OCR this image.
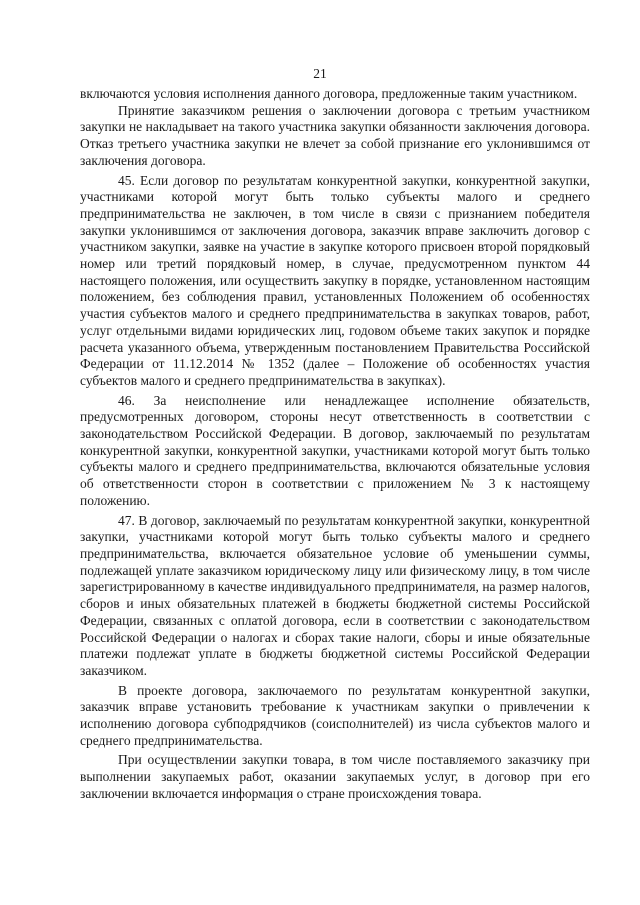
21

включаются условия исполнения данного договора, предложенные таким участником.

Принятие заказчиком решения о заключении договора с третьим участником закупки не накладывает на такого участника закупки обязанности заключения договора. Отказ третьего участника закупки не влечет за собой признание его уклонившимся от заключения договора.

45. Если договор по результатам конкурентной закупки, конкурентной закупки, участниками которой могут быть только субъекты малого и среднего предпринимательства не заключен, в том числе в связи с признанием победителя закупки уклонившимся от заключения договора, заказчик вправе заключить договор с участником закупки, заявке на участие в закупке которого присвоен второй порядковый номер или третий порядковый номер, в случае, предусмотренном пунктом 44 настоящего положения, или осуществить закупку в порядке, установленном настоящим положением, без соблюдения правил, установленных Положением об особенностях участия субъектов малого и среднего предпринимательства в закупках товаров, работ, услуг отдельными видами юридических лиц, годовом объеме таких закупок и порядке расчета указанного объема, утвержденным постановлением Правительства Российской Федерации от 11.12.2014 № 1352 (далее – Положение об особенностях участия субъектов малого и среднего предпринимательства в закупках).

46. За неисполнение или ненадлежащее исполнение обязательств, предусмотренных договором, стороны несут ответственность в соответствии с законодательством Российской Федерации. В договор, заключаемый по результатам конкурентной закупки, конкурентной закупки, участниками которой могут быть только субъекты малого и среднего предпринимательства, включаются обязательные условия об ответственности сторон в соответствии с приложением № 3 к настоящему положению.

47. В договор, заключаемый по результатам конкурентной закупки, конкурентной закупки, участниками которой могут быть только субъекты малого и среднего предпринимательства, включается обязательное условие об уменьшении суммы, подлежащей уплате заказчиком юридическому лицу или физическому лицу, в том числе зарегистрированному в качестве индивидуального предпринимателя, на размер налогов, сборов и иных обязательных платежей в бюджеты бюджетной системы Российской Федерации, связанных с оплатой договора, если в соответствии с законодательством Российской Федерации о налогах и сборах такие налоги, сборы и иные обязательные платежи подлежат уплате в бюджеты бюджетной системы Российской Федерации заказчиком.

В проекте договора, заключаемого по результатам конкурентной закупки, заказчик вправе установить требование к участникам закупки о привлечении к исполнению договора субподрядчиков (соисполнителей) из числа субъектов малого и среднего предпринимательства.

При осуществлении закупки товара, в том числе поставляемого заказчику при выполнении закупаемых работ, оказании закупаемых услуг, в договор при его заключении включается информация о стране происхождения товара.
